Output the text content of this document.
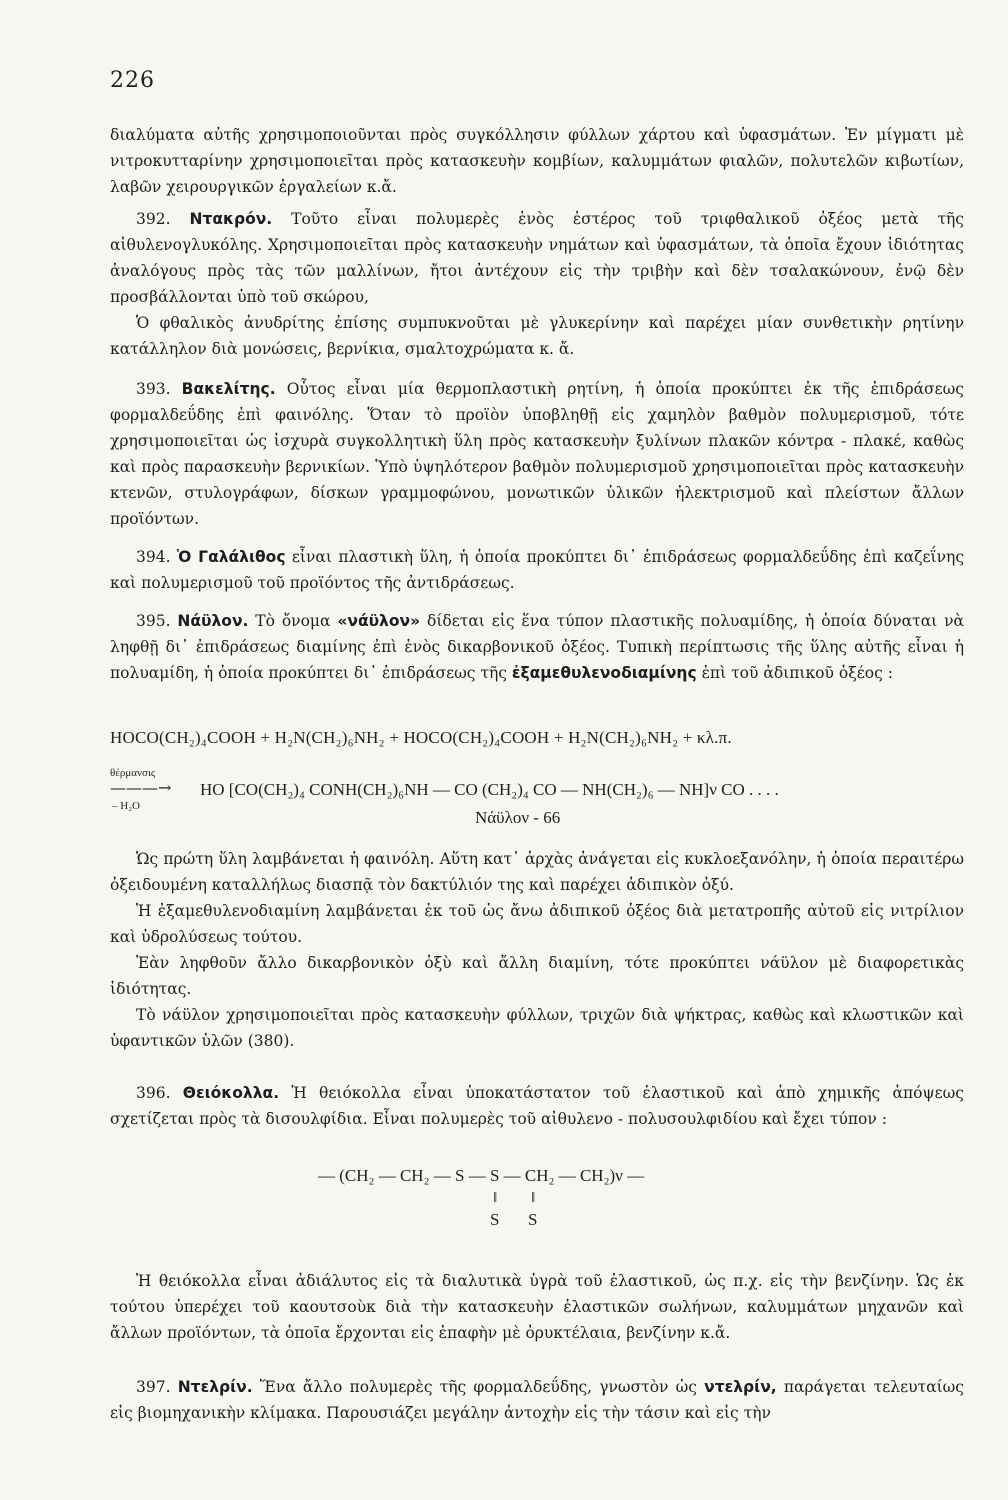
226

διαλύματα αὐτῆς χρησιμοποιοῦνται πρὸς συγκόλλησιν φύλλων χάρτου καὶ ὑφασμάτων. Ἐν μίγματι μὲ νιτροκυτταρίνην χρησιμοποιεῖται πρὸς κατασκευὴν κομβίων, καλυμμάτων φιαλῶν, πολυτελῶν κιβωτίων, λαβῶν χειρουργικῶν ἐργαλείων κ.ἄ.

392. Ντακρόν. Τοῦτο εἶναι πολυμερὲς ἑνὸς ἐστέρος τοῦ τριφθαλικοῦ ὀξέος μετὰ τῆς αἰθυλενογλυκόλης. Χρησιμοποιεῖται πρὸς κατασκευὴν νημάτων καὶ ὑφασμάτων, τὰ ὁποῖα ἔχουν ἰδιότητας ἀναλόγους πρὸς τὰς τῶν μαλλίνων, ἤτοι ἀντέχουν εἰς τὴν τριβὴν καὶ δὲν τσαλακώνουν, ἐνῷ δὲν προσβάλλονται ὑπὸ τοῦ σκώρου,

Ὁ φθαλικὸς ἀνυδρίτης ἐπίσης συμπυκνοῦται μὲ γλυκερίνην καὶ παρέχει μίαν συνθετικὴν ρητίνην κατάλληλον διὰ μονώσεις, βερνίκια, σμαλτοχρώματα κ. ἄ.

393. Βακελίτης. Οὗτος εἶναι μία θερμοπλαστικὴ ρητίνη, ἡ ὁποία προκύπτει ἐκ τῆς ἐπιδράσεως φορμαλδεΰδης ἐπὶ φαινόλης. Ὅταν τὸ προϊὸν ὑποβληθῇ εἰς χαμηλὸν βαθμὸν πολυμερισμοῦ, τότε χρησιμοποιεῖται ὡς ἰσχυρὰ συγκολλητικὴ ὕλη πρὸς κατασκευὴν ξυλίνων πλακῶν κόντρα - πλακέ, καθὼς καὶ πρὸς παρασκευὴν βερνικίων. Ὑπὸ ὑψηλότερον βαθμὸν πολυμερισμοῦ χρησιμοποιεῖται πρὸς κατασκευὴν κτενῶν, στυλογράφων, δίσκων γραμμοφώνου, μονωτικῶν ὑλικῶν ἠλεκτρισμοῦ καὶ πλείστων ἄλλων προϊόντων.

394. Ὁ Γαλάλιθος εἶναι πλαστικὴ ὕλη, ἡ ὁποία προκύπτει δι᾽ ἐπιδράσεως φορμαλδεΰδης ἐπὶ καζεΐνης καὶ πολυμερισμοῦ τοῦ προϊόντος τῆς ἀντιδράσεως.

395. Νάϋλον. Τὸ ὄνομα «νάϋλον» δίδεται εἰς ἕνα τύπον πλαστικῆς πολυαμίδης, ἡ ὁποία δύναται νὰ ληφθῇ δι᾽ ἐπιδράσεως διαμίνης ἐπὶ ἑνὸς δικαρβονικοῦ ὀξέος. Τυπικὴ περίπτωσις τῆς ὕλης αὐτῆς εἶναι ἡ πολυαμίδη, ἡ ὁποία προκύπτει δι᾽ ἐπιδράσεως τῆς ἐξαμεθυλενοδιαμίνης ἐπὶ τοῦ ἀδιπικοῦ ὀξέος :

HOCO(CH₂)₄COOH + H₂N(CH₂)₆NH₂ + HOCO(CH₂)₄COOH + H₂N(CH₂)₆NH₂ + κλ.π.
θέρμανσις
———→
– H₂O
HO [CO(CH₂)₄ CONH(CH₂)₆NH — CO (CH₂)₄ CO — NH(CH₂)₆ — NH]ν CO . . . .
Νάϋλον - 66

Ὡς πρώτη ὕλη λαμβάνεται ἡ φαινόλη. Αὕτη κατ᾽ ἀρχὰς ἀνάγεται εἰς κυκλοεξανόλην, ἡ ὁποία περαιτέρω ὀξειδουμένη καταλλήλως διασπᾷ τὸν δακτύλιόν της καὶ παρέχει ἀδιπικὸν ὀξύ.

Ἡ ἐξαμεθυλενοδιαμίνη λαμβάνεται ἐκ τοῦ ὡς ἄνω ἀδιπικοῦ ὀξέος διὰ μετατροπῆς αὐτοῦ εἰς νιτρίλιον καὶ ὑδρολύσεως τούτου.

Ἐὰν ληφθοῦν ἄλλο δικαρβονικὸν ὀξὺ καὶ ἄλλη διαμίνη, τότε προκύπτει νάϋλον μὲ διαφορετικὰς ἰδιότητας.

Τὸ νάϋλον χρησιμοποιεῖται πρὸς κατασκευὴν φύλλων, τριχῶν διὰ ψήκτρας, καθὼς καὶ κλωστικῶν καὶ ὑφαντικῶν ὑλῶν (380).

396. Θειόκολλα. Ἡ θειόκολλα εἶναι ὑποκατάστατον τοῦ ἐλαστικοῦ καὶ ἀπὸ χημικῆς ἀπόψεως σχετίζεται πρὸς τὰ δισουλφίδια. Εἶναι πολυμερὲς τοῦ αἰθυλενο - πολυσουλφιδίου καὶ ἔχει τύπον :

— (CH₂ — CH₂ — S — S — CH₂ — CH₂)ν —
‖ ‖
S S

Ἡ θειόκολλα εἶναι ἀδιάλυτος εἰς τὰ διαλυτικὰ ὑγρὰ τοῦ ἐλαστικοῦ, ὡς π.χ. εἰς τὴν βενζίνην. Ὡς ἐκ τούτου ὑπερέχει τοῦ καουτσοὺκ διὰ τὴν κατασκευὴν ἐλαστικῶν σωλήνων, καλυμμάτων μηχανῶν καὶ ἄλλων προϊόντων, τὰ ὁποῖα ἔρχονται εἰς ἐπαφὴν μὲ ὀρυκτέλαια, βενζίνην κ.ἄ.

397. Ντελρίν. Ἕνα ἄλλο πολυμερὲς τῆς φορμαλδεΰδης, γνωστὸν ὡς ντελρίν, παράγεται τελευταίως εἰς βιομηχανικὴν κλίμακα. Παρουσιάζει μεγάλην ἀντοχὴν εἰς τὴν τάσιν καὶ εἰς τὴν
